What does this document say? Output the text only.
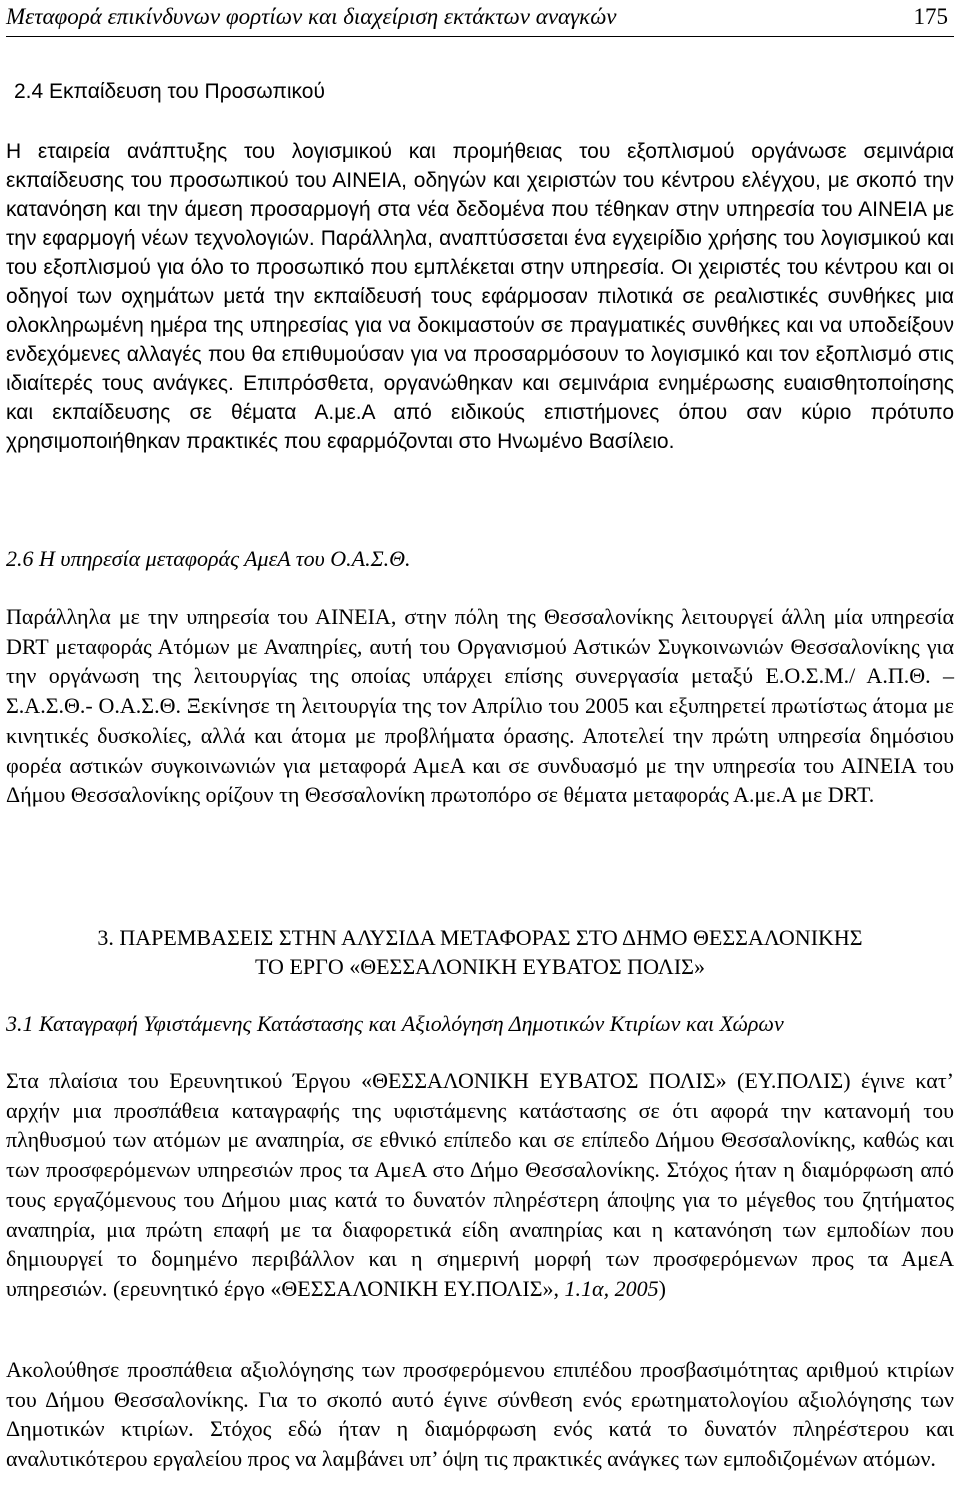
Μεταφορά επικίνδυνων φορτίων και διαχείριση εκτάκτων αναγκών	175
2.4 Εκπαίδευση του Προσωπικού

Η εταιρεία ανάπτυξης του λογισμικού και προμήθειας του εξοπλισμού οργάνωσε σεμινάρια εκπαίδευσης του προσωπικού του ΑΙΝΕΙΑ, οδηγών και χειριστών του κέντρου ελέγχου, με σκοπό την κατανόηση και την άμεση προσαρμογή στα νέα δεδομένα που τέθηκαν στην υπηρεσία του ΑΙΝΕΙΑ με την εφαρμογή νέων τεχνολογιών. Παράλληλα, αναπτύσσεται ένα εγχειρίδιο χρήσης του λογισμικού και του εξοπλισμού για όλο το προσωπικό που εμπλέκεται στην υπηρεσία. Οι χειριστές του κέντρου και οι οδηγοί των οχημάτων μετά την εκπαίδευσή τους εφάρμοσαν πιλοτικά σε ρεαλιστικές συνθήκες μια ολοκληρωμένη ημέρα της υπηρεσίας για να δοκιμαστούν σε πραγματικές συνθήκες και να υποδείξουν ενδεχόμενες αλλαγές που θα επιθυμούσαν για να προσαρμόσουν το λογισμικό και τον εξοπλισμό στις ιδιαίτερές τους ανάγκες. Επιπρόσθετα, οργανώθηκαν και σεμινάρια ενημέρωσης ευαισθητοποίησης και εκπαίδευσης σε θέματα Α.με.Α από ειδικούς επιστήμονες όπου σαν κύριο πρότυπο χρησιμοποιήθηκαν πρακτικές που εφαρμόζονται στο Ηνωμένο Βασίλειο.

2.6 Η υπηρεσία μεταφοράς ΑμεΑ του Ο.Α.Σ.Θ.

Παράλληλα με την υπηρεσία του ΑΙΝΕΙΑ, στην πόλη της Θεσσαλονίκης λειτουργεί άλλη μία υπηρεσία DRT μεταφοράς Ατόμων με Αναπηρίες, αυτή του Οργανισμού Αστικών Συγκοινωνιών Θεσσαλονίκης για την οργάνωση της λειτουργίας της οποίας υπάρχει επίσης συνεργασία μεταξύ Ε.Ο.Σ.Μ./ Α.Π.Θ. – Σ.Α.Σ.Θ.- Ο.Α.Σ.Θ. Ξεκίνησε τη λειτουργία της τον Απρίλιο του 2005 και εξυπηρετεί πρωτίστως άτομα με κινητικές δυσκολίες, αλλά και άτομα με προβλήματα όρασης. Αποτελεί την πρώτη υπηρεσία δημόσιου φορέα αστικών συγκοινωνιών για μεταφορά ΑμεΑ και σε συνδυασμό με την υπηρεσία του ΑΙΝΕΙΑ του Δήμου Θεσσαλονίκης ορίζουν τη Θεσσαλονίκη πρωτοπόρο σε θέματα μεταφοράς Α.με.Α με DRT.

3. ΠΑΡΕΜΒΑΣΕΙΣ ΣΤΗΝ ΑΛΥΣΙΔΑ ΜΕΤΑΦΟΡΑΣ ΣΤΟ ΔΗΜΟ ΘΕΣΣΑΛΟΝΙΚΗΣ
ΤΟ ΕΡΓΟ «ΘΕΣΣΑΛΟΝΙΚΗ ΕΥΒΑΤΟΣ ΠΟΛΙΣ»
3.1 Καταγραφή Υφιστάμενης Κατάστασης και Αξιολόγηση Δημοτικών Κτιρίων και Χώρων

Στα πλαίσια του Ερευνητικού Έργου «ΘΕΣΣΑΛΟΝΙΚΗ ΕΥΒΑΤΟΣ ΠΟΛΙΣ» (ΕΥ.ΠΟΛΙΣ) έγινε κατ’ αρχήν μια προσπάθεια καταγραφής της υφιστάμενης κατάστασης σε ότι αφορά την κατανομή του πληθυσμού των ατόμων με αναπηρία, σε εθνικό επίπεδο και σε επίπεδο Δήμου Θεσσαλονίκης, καθώς και των προσφερόμενων υπηρεσιών προς τα ΑμεΑ στο Δήμο Θεσσαλονίκης. Στόχος ήταν η διαμόρφωση από τους εργαζόμενους του Δήμου μιας κατά το δυνατόν πληρέστερη άποψης για το μέγεθος του ζητήματος αναπηρία, μια πρώτη επαφή με τα διαφορετικά είδη αναπηρίας και η κατανόηση των εμποδίων που δημιουργεί το δομημένο περιβάλλον και η σημερινή μορφή των προσφερόμενων προς τα ΑμεΑ υπηρεσιών. (ερευνητικό έργο «ΘΕΣΣΑΛΟΝΙΚΗ ΕΥ.ΠΟΛΙΣ», 1.1α, 2005)

Ακολούθησε προσπάθεια αξιολόγησης των προσφερόμενου επιπέδου προσβασιμότητας αριθμού κτιρίων του Δήμου Θεσσαλονίκης. Για το σκοπό αυτό έγινε σύνθεση ενός ερωτηματολογίου αξιολόγησης των Δημοτικών κτιρίων. Στόχος εδώ ήταν η διαμόρφωση ενός κατά το δυνατόν πληρέστερου και αναλυτικότερου εργαλείου προς να λαμβάνει υπ’ όψη τις πρακτικές ανάγκες των εμποδιζομένων ατόμων.
